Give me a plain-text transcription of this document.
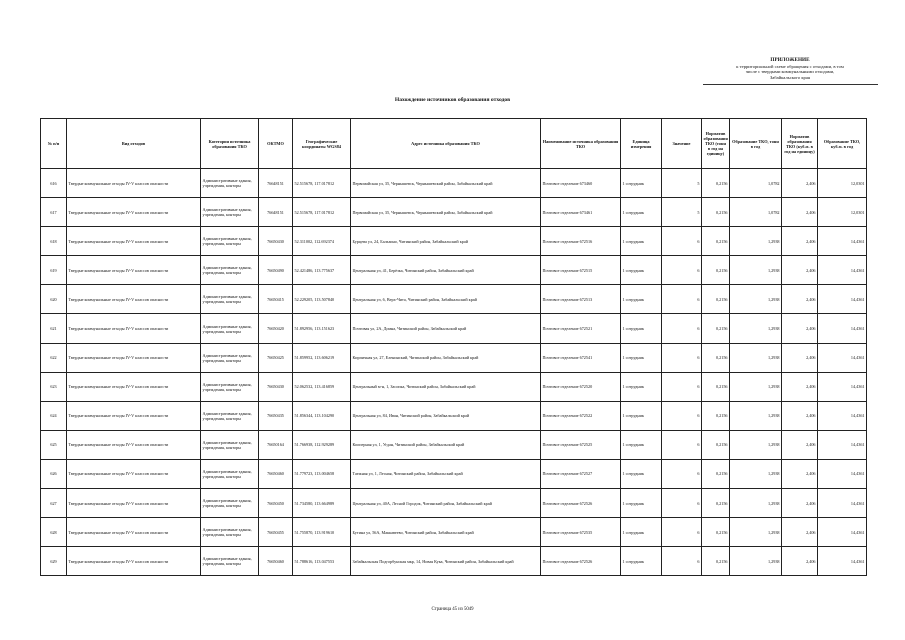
ПРИЛОЖЕНИЕ
к территориальной схеме обращения с отходами, в том
числе с твердыми коммунальными отходами,
Забайкальского края
Нахождение источников образования отходов
№ п/п	Вид отходов	Категория источника образования ТКО	ОКТМО	Географические координаты WGS84	Адрес источника образования ТКО	Наименование источника образования ТКО	Единица измерения	Значение	Норматив образования ТКО (тонн в год на единицу)	Образование ТКО, тонн в год	Норматив образования ТКО (куб.м. в год на единицу)	Образование ТКО, куб.м. в год
616	Твердые коммунальные отходы IV-V классов опасности	Административные здания, учреждения, конторы	76648151	52.515678, 117.017812	Первомайская ул, 35, Чернышевск, Чернышевский район, Забайкальский край	Почтовое отделение 673460	1 сотрудник	5	0,2156	1,0782	2,406	12,0301
617	Твердые коммунальные отходы IV-V классов опасности	Административные здания, учреждения, конторы	76648151	52.515678, 117.017812	Первомайская ул, 35, Чернышевск, Чернышевский район, Забайкальский край	Почтовое отделение 673461	1 сотрудник	5	0,2156	1,0782	2,406	12,0301
618	Твердые коммунальные отходы IV-V классов опасности	Административные здания, учреждения, конторы	76650430	52.311002, 112.692374	Бурцева ул, 24, Бальзино, Читинский район, Забайкальский край	Почтовое отделение 672516	1 сотрудник	6	0,2156	1,2938	2,406	14,4361
619	Твердые коммунальные отходы IV-V классов опасности	Административные здания, учреждения, конторы	76650490	52.421486, 113.775637	Центральная ул, 41, Берёзка, Читинский район, Забайкальский край	Почтовое отделение 672515	1 сотрудник	6	0,2156	1,2938	2,406	14,4361
620	Твердые коммунальные отходы IV-V классов опасности	Административные здания, учреждения, конторы	76650415	52.229205, 113.507840	Центральная ул, 6, Верх-Чита, Читинский район, Забайкальский край	Почтовое отделение 672513	1 сотрудник	6	0,2156	1,2938	2,406	14,4361
621	Твердые коммунальные отходы IV-V классов опасности	Административные здания, учреждения, конторы	76650420	51.892956, 113.151623	Почтовая ул, 2А, Домна, Читинский район, Забайкальский край	Почтовое отделение 672521	1 сотрудник	6	0,2156	1,2938	2,406	14,4361
622	Твердые коммунальные отходы IV-V классов опасности	Административные здания, учреждения, конторы	76650425	51.859952, 113.606219	Кирпичная ул, 27, Еленинский, Читинский район, Забайкальский край	Почтовое отделение 672541	1 сотрудник	6	0,2156	1,2938	2,406	14,4361
623	Твердые коммунальные отходы IV-V классов опасности	Административные здания, учреждения, конторы	76650430	52.062532, 113.416859	Центральный м-н, 1, Засопка, Читинский район, Забайкальский край	Почтовое отделение 672520	1 сотрудник	6	0,2156	1,2938	2,406	14,4361
624	Твердые коммунальные отходы IV-V классов опасности	Административные здания, учреждения, конторы	76650435	51.856344, 113.104290	Центральная ул, 84, Иван, Читинский район, Забайкальский край	Почтовое отделение 672522	1 сотрудник	6	0,2156	1,2938	2,406	14,4361
625	Твердые коммунальные отходы IV-V классов опасности	Административные здания, учреждения, конторы	76650164	51.766938, 112.929289	Кооперная ул, 1, Угдан, Читинский район, Забайкальский край	Почтовое отделение 672525	1 сотрудник	6	0,2156	1,2938	2,406	14,4361
626	Твердые коммунальные отходы IV-V классов опасности	Административные здания, учреждения, конторы	76650460	51.779723, 113.004658	Таежная ул, 1, Лесная, Читинский район, Забайкальский край	Почтовое отделение 672527	1 сотрудник	6	0,2156	1,2938	2,406	14,4361
627	Твердые коммунальные отходы IV-V классов опасности	Административные здания, учреждения, конторы	76650450	51.734580, 113.664989	Центральная ул, 40А, Лесной Городок, Читинский район, Забайкальский край	Почтовое отделение 672526	1 сотрудник	6	0,2156	1,2938	2,406	14,4361
628	Твердые коммунальные отходы IV-V классов опасности	Административные здания, учреждения, конторы	76650455	51.755870, 113.919610	Бутина ул, 56А, Маккавеево, Читинский район, Забайкальский край	Почтовое отделение 672535	1 сотрудник	6	0,2156	1,2938	2,406	14,4361
629	Твердые коммунальные отходы IV-V классов опасности	Административные здания, учреждения, конторы	76650460	51.788616, 113.047553	Забайкальская Подгорбунская мкр, 14, Новая Кука, Читинский район, Забайкальский край	Почтовое отделение 672526	1 сотрудник	6	0,2156	1,2938	2,406	14,4361
Страница 45 из 5049
